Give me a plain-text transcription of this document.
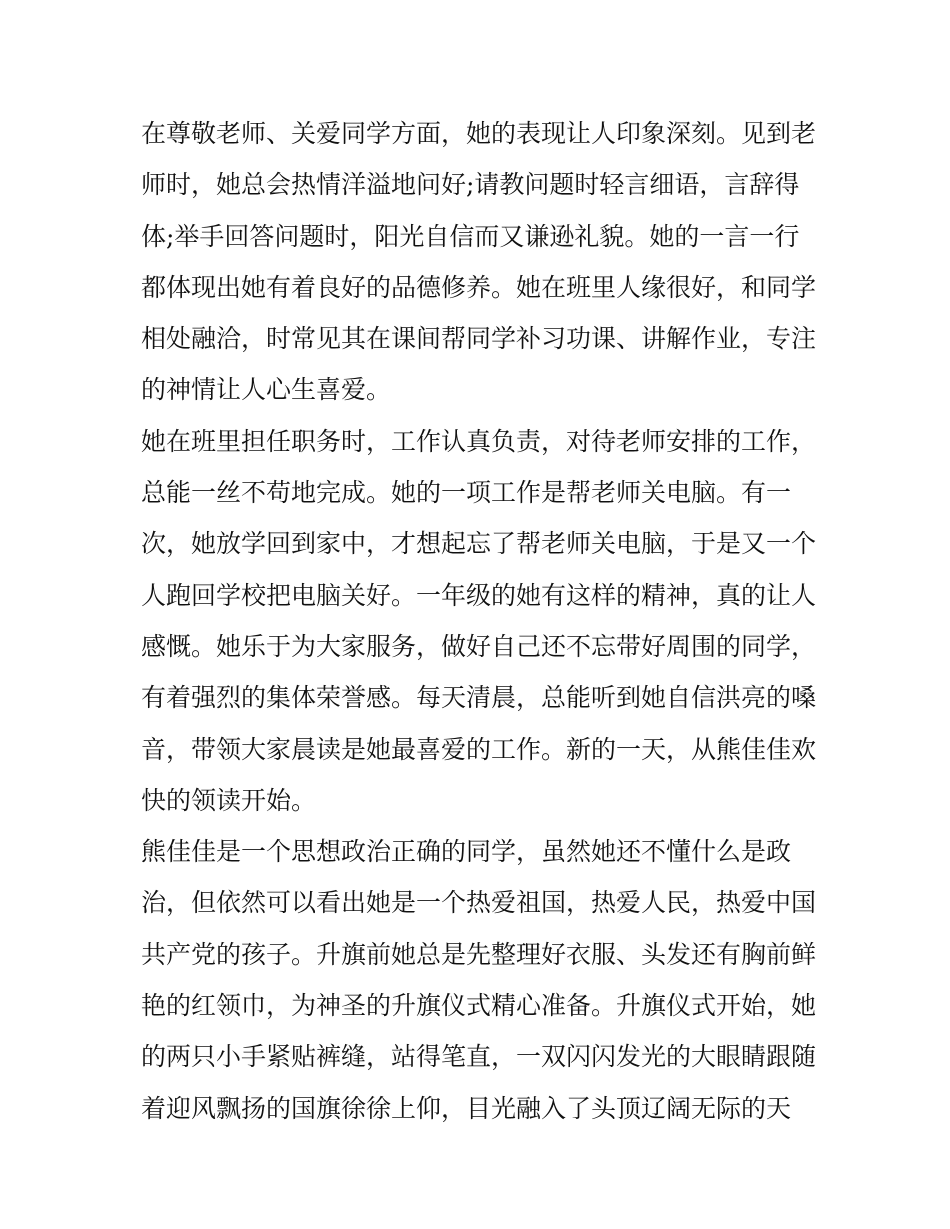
在尊敬老师、关爱同学方面，她的表现让人印象深刻。见到老
师时，她总会热情洋溢地问好;请教问题时轻言细语，言辞得
体;举手回答问题时，阳光自信而又谦逊礼貌。她的一言一行
都体现出她有着良好的品德修养。她在班里人缘很好，和同学
相处融洽，时常见其在课间帮同学补习功课、讲解作业，专注
的神情让人心生喜爱。
她在班里担任职务时，工作认真负责，对待老师安排的工作，
总能一丝不苟地完成。她的一项工作是帮老师关电脑。有一
次，她放学回到家中，才想起忘了帮老师关电脑，于是又一个
人跑回学校把电脑关好。一年级的她有这样的精神，真的让人
感慨。她乐于为大家服务，做好自己还不忘带好周围的同学，
有着强烈的集体荣誉感。每天清晨，总能听到她自信洪亮的嗓
音，带领大家晨读是她最喜爱的工作。新的一天，从熊佳佳欢
快的领读开始。
熊佳佳是一个思想政治正确的同学，虽然她还不懂什么是政
治，但依然可以看出她是一个热爱祖国，热爱人民，热爱中国
共产党的孩子。升旗前她总是先整理好衣服、头发还有胸前鲜
艳的红领巾，为神圣的升旗仪式精心准备。升旗仪式开始，她
的两只小手紧贴裤缝，站得笔直，一双闪闪发光的大眼睛跟随
着迎风飘扬的国旗徐徐上仰，目光融入了头顶辽阔无际的天
